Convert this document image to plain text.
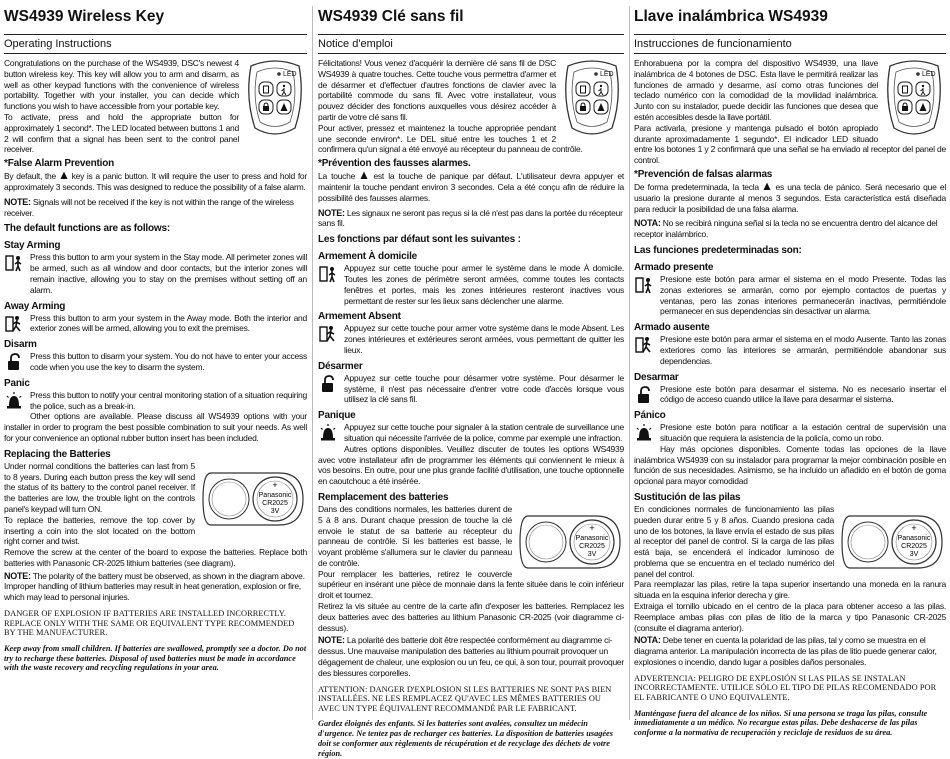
WS4939 Wireless Key
Operating Instructions
LED
Congratulations on the purchase of the WS4939, DSC's newest 4 button wireless key. This key will allow you to arm and disarm, as well as other keypad functions with the convenience of wireless portability. Together with your installer, you can decide which functions you wish to have accessible from your portable key.
To activate, press and hold the appropriate button for approximately 1 second*. The LED located between buttons 1 and 2 will confirm that a signal has been sent to the control panel receiver.
*False Alarm Prevention
By default, the key is a panic button. It will require the user to press and hold for approximately 3 seconds. This was designed to reduce the possibility of a false alarm.
NOTE: Signals will not be received if the key is not within the range of the wireless receiver.
The default functions are as follows:
Stay Arming
Press this button to arm your system in the Stay mode. All perimeter zones will be armed, such as all window and door contacts, but the interior zones will remain inactive, allowing you to stay on the premises without setting off an alarm.
Away Arming
Press this button to arm your system in the Away mode. Both the interior and exterior zones will be armed, allowing you to exit the premises.
Disarm
Press this button to disarm your system. You do not have to enter your access code when you use the key to disarm the system.
Panic
Press this button to notify your central monitoring station of a situation requiring the police, such as a break-in.
Other options are available. Please discuss all WS4939 options with your installer in order to program the best possible combination to suit your needs. As well for your convenience an optional rubber button insert has been included.
Replacing the Batteries
+
Panasonic
CR2025
3V
Under normal conditions the batteries can last from 5 to 8 years. During each button press the key will send the status of its battery to the control panel receiver. If the batteries are low, the trouble light on the controls panel's keypad will turn ON.
To replace the batteries, remove the top cover by inserting a coin into the slot located on the bottom right corner and twist.
Remove the screw at the center of the board to expose the batteries. Replace both batteries with Panasonic CR-2025 lithium batteries (see diagram).
NOTE: The polarity of the battery must be observed, as shown in the diagram above. Improper handling of lithium batteries may result in heat generation, explosion or fire, which may lead to personal injuries.
DANGER OF EXPLOSION IF BATTERIES ARE INSTALLED INCORRECTLY. REPLACE ONLY WITH THE SAME OR EQUIVALENT TYPE RECOMMENDED BY THE MANUFACTURER.
Keep away from small children. If batteries are swallowed, promptly see a doctor. Do not try to recharge these batteries. Disposal of used batteries must be made in accordance with the waste recovery and recycling regulations in your area.
WS4939 Clé sans fil
Notice d'emploi
LED
Félicitations! Vous venez d'acquérir la dernière clé sans fil de DSC WS4939 à quatre touches. Cette touche vous permettra d'armer et de désarmer et d'effectuer d'autres fonctions de clavier avec la portabilité commode du sans fil. Avec votre installateur, vous pouvez décider des fonctions auxquelles vous désirez accéder à partir de votre clé sans fil.
Pour activer, pressez et maintenez la touche appropriée pendant une seconde environ*. Le DEL situé entre les touches 1 et 2 confirmera qu'un signal a été envoyé au récepteur du panneau de contrôle.
*Prévention des fausses alarmes.
La touche est la touche de panique par défaut. L'utilisateur devra appuyer et maintenir la touche pendant environ 3 secondes. Cela a été conçu afin de réduire la possibilité des fausses alarmes.
NOTE: Les signaux ne seront pas reçus si la clé n'est pas dans la portée du récepteur sans fil.
Les fonctions par défaut sont les suivantes :
Armement À domicile
Appuyez sur cette touche pour armer le système dans le mode À domicile. Toutes les zones de périmètre seront armées, comme toutes les contacts fenêtres et portes, mais les zones intérieures resteront inactives vous permettant de rester sur les lieux sans déclencher une alarme.
Armement Absent
Appuyez sur cette touche pour armer votre système dans le mode Absent. Les zones intérieures et extérieures seront armées, vous permettant de quitter les lieux.
Désarmer
Appuyez sur cette touche pour désarmer votre système. Pour désarmer le système, il n'est pas nécessaire d'entrer votre code d'accès lorsque vous utilisez la clé sans fil.
Panique
Appuyez sur cette touche pour signaler à la station centrale de surveillance une situation qui nécessite l'arrivée de la police, comme par exemple une infraction.
Autres options disponibles. Veuillez discuter de toutes les options WS4939 avec votre installateur afin de programmer les éléments qui conviennent le mieux à vos besoins. En outre, pour une plus grande facilité d'utilisation, une touche optionnelle en caoutchouc a été insérée.
Remplacement des batteries
+
Panasonic
CR2025
3V
Dans des conditions normales, les batteries durent de 5 à 8 ans. Durant chaque pression de touche la clé envoie le statut de sa batterie au récepteur du panneau de contrôle. Si les batteries est basse, le voyant problème s'allumera sur le clavier du panneau de contrôle.
Pour remplacer les batteries, retirez le couvercle supérieur en insérant une pièce de monnaie dans la fente située dans le coin inférieur droit et tournez.
Retirez la vis située au centre de la carte afin d'exposer les batteries. Remplacez les deux batteries avec des batteries au lithium Panasonic CR-2025 (voir diagramme ci-dessus).
NOTE: La polarité des batterie doit être respectée conformément au diagramme ci-dessus. Une mauvaise manipulation des batteries au lithium pourrait provoquer un dégagement de chaleur, une explosion ou un feu, ce qui, à son tour, pourrait provoquer des blessures corporelles.
ATTENTION: DANGER D'EXPLOSION SI LES BATTERIES NE SONT PAS BIEN INSTALLÉES. NE LES REMPLACEZ QU'AVEC LES MÊMES BATTERIES OU AVEC UN TYPE ÉQUIVALENT RECOMMANDÉ PAR LE FABRICANT.
Gardez éloignés des enfants. Si les batteries sont avalées, consultez un médecin d'urgence. Ne tentez pas de recharger ces batteries. La disposition de batteries usagées doit se conformer aux règlements de récupération et de recyclage des déchets de votre région.
Llave inalámbrica WS4939
Instrucciones de funcionamiento
LED
Enhorabuena por la compra del dispositivo WS4939, una llave inalámbrica de 4 botones de DSC. Esta llave le permitirá realizar las funciones de armado y desarme, así como otras funciones del teclado numérico con la comodidad de la movilidad inalámbrica. Junto con su instalador, puede decidir las funciones que desea que estén accesibles desde la llave portátil.
Para activarla, presione y mantenga pulsado el botón apropiado durante aproximadamente 1 segundo*. El indicador LED situado entre los botones 1 y 2 confirmará que una señal se ha enviado al receptor del panel de control.
*Prevención de falsas alarmas
De forma predeterminada, la tecla es una tecla de pánico. Será necesario que el usuario la presione durante al menos 3 segundos. Esta característica está diseñada para reducir la posibilidad de una falsa alarma.
NOTA: No se recibirá ninguna señal si la tecla no se encuentra dentro del alcance del receptor inalámbrico.
Las funciones predeterminadas son:
Armado presente
Presione este botón para armar el sistema en el modo Presente. Todas las zonas exteriores se armarán, como por ejemplo contactos de puertas y ventanas, pero las zonas interiores permanecerán inactivas, permitiéndole permanecer en sus dependencias sin desactivar un alarma.
Armado ausente
Presione este botón para armar el sistema en el modo Ausente. Tanto las zonas exteriores como las interiores se armarán, permitiéndole abandonar sus dependencias.
Desarmar
Presione este botón para desarmar el sistema. No es necesario insertar el código de acceso cuando utilice la llave para desarmar el sistema.
Pánico
Presione este botón para notificar a la estación central de supervisión una situación que requiera la asistencia de la policía, como un robo.
Hay más opciones disponibles. Comente todas las opciones de la llave inalámbrica WS4939 con su instalador para programar la mejor combinación posible en función de sus necesidades. Asimismo, se ha incluido un añadido en el botón de goma opcional para mayor comodidad
Sustitución de las pilas
+
Panasonic
CR2025
3V
En condiciones normales de funcionamiento las pilas pueden durar entre 5 y 8 años. Cuando presiona cada uno de los botones, la llave envía el estado de sus pilas al receptor del panel de control. Si la carga de las pilas está baja, se encenderá el indicador luminoso de problema que se encuentra en el teclado numérico del panel del control.
Para reemplazar las pilas, retire la tapa superior insertando una moneda en la ranura situada en la esquina inferior derecha y gire.
Extraiga el tornillo ubicado en el centro de la placa para obtener acceso a las pilas. Reemplace ambas pilas con pilas de litio de la marca y tipo Panasonic CR-2025 (consulte el diagrama anterior).
NOTA: Debe tener en cuenta la polaridad de las pilas, tal y como se muestra en el diagrama anterior. La manipulación incorrecta de las pilas de litio puede generar calor, explosiones o incendio, dando lugar a posibles daños personales.
ADVERTENCIA: PELIGRO DE EXPLOSIÓN SI LAS PILAS SE INSTALAN INCORRECTAMENTE. UTILICE SÓLO EL TIPO DE PILAS RECOMENDADO POR EL FABRICANTE O UNO EQUIVALENTE.
Manténgase fuera del alcance de los niños. Si una persona se traga las pilas, consulte inmediatamente a un médico. No recargue estas pilas. Debe deshacerse de las pilas conforme a la normativa de recuperación y reciclaje de residuos de su área.
